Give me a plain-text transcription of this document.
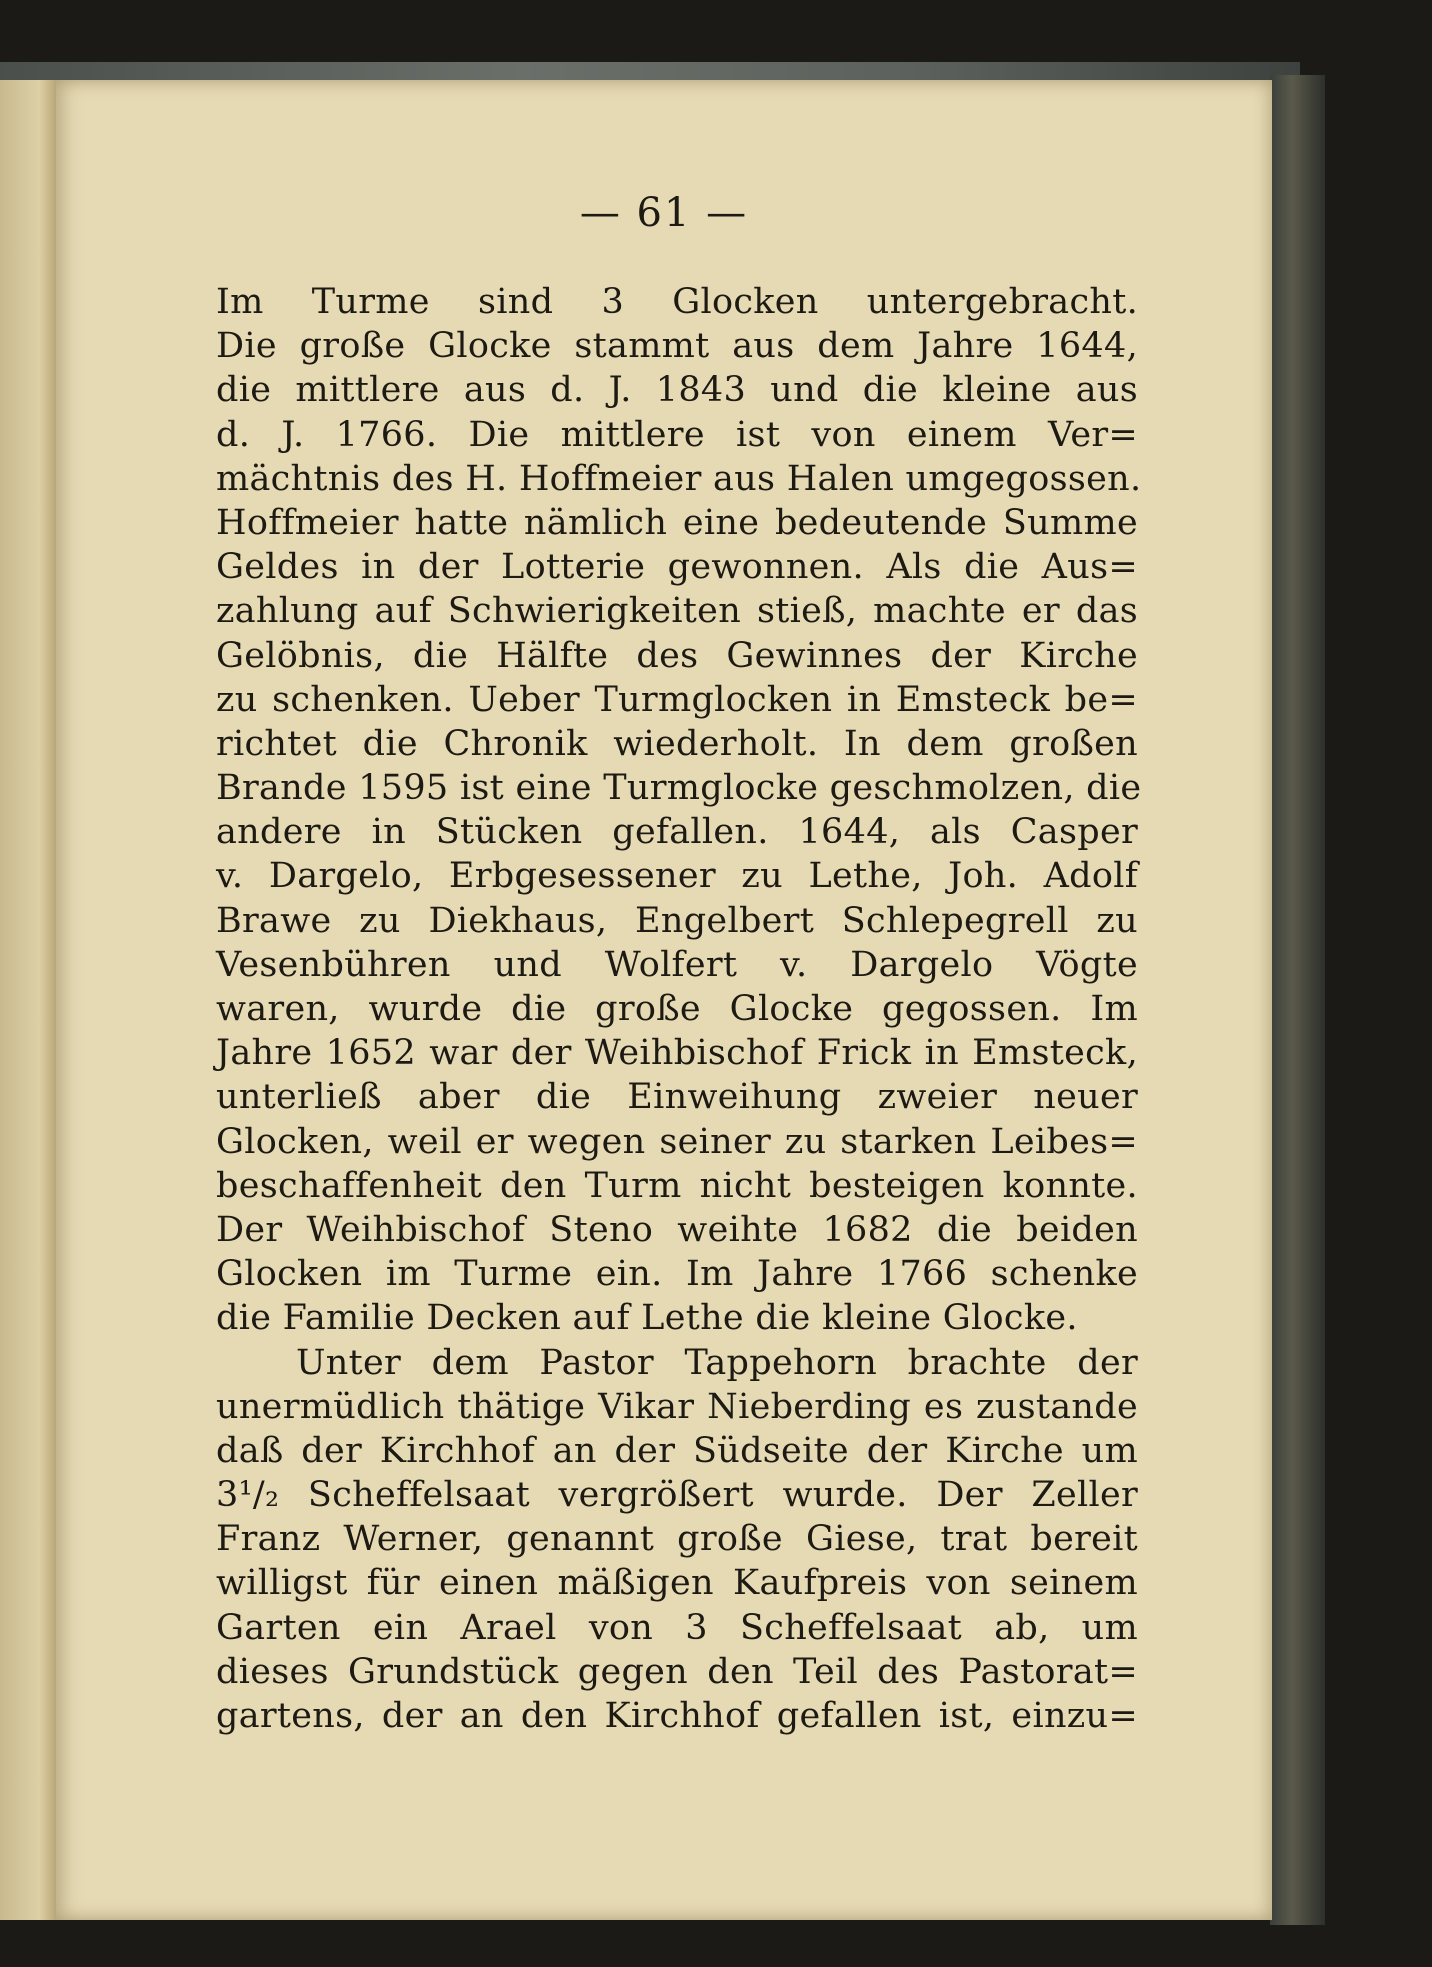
— 61 —
Im Turme sind 3 Glocken untergebracht.
Die große Glocke stammt aus dem Jahre 1644,
die mittlere aus d. J. 1843 und die kleine aus
d. J. 1766. Die mittlere ist von einem Ver=
mächtnis des H. Hoffmeier aus Halen umgegossen.
Hoffmeier hatte nämlich eine bedeutende Summe
Geldes in der Lotterie gewonnen. Als die Aus=
zahlung auf Schwierigkeiten stieß, machte er das
Gelöbnis, die Hälfte des Gewinnes der Kirche
zu schenken. Ueber Turmglocken in Emsteck be=
richtet die Chronik wiederholt. In dem großen
Brande 1595 ist eine Turmglocke geschmolzen, die
andere in Stücken gefallen. 1644, als Casper
v. Dargelo, Erbgesessener zu Lethe, Joh. Adolf
Brawe zu Diekhaus, Engelbert Schlepegrell zu
Vesenbühren und Wolfert v. Dargelo Vögte
waren, wurde die große Glocke gegossen. Im
Jahre 1652 war der Weihbischof Frick in Emsteck,
unterließ aber die Einweihung zweier neuer
Glocken, weil er wegen seiner zu starken Leibes=
beschaffenheit den Turm nicht besteigen konnte.
Der Weihbischof Steno weihte 1682 die beiden
Glocken im Turme ein. Im Jahre 1766 schenke
die Familie Decken auf Lethe die kleine Glocke.
Unter dem Pastor Tappehorn brachte der
unermüdlich thätige Vikar Nieberding es zustande
daß der Kirchhof an der Südseite der Kirche um
3¹/₂ Scheffelsaat vergrößert wurde. Der Zeller
Franz Werner, genannt große Giese, trat bereit
willigst für einen mäßigen Kaufpreis von seinem
Garten ein Arael von 3 Scheffelsaat ab, um
dieses Grundstück gegen den Teil des Pastorat=
gartens, der an den Kirchhof gefallen ist, einzu=
